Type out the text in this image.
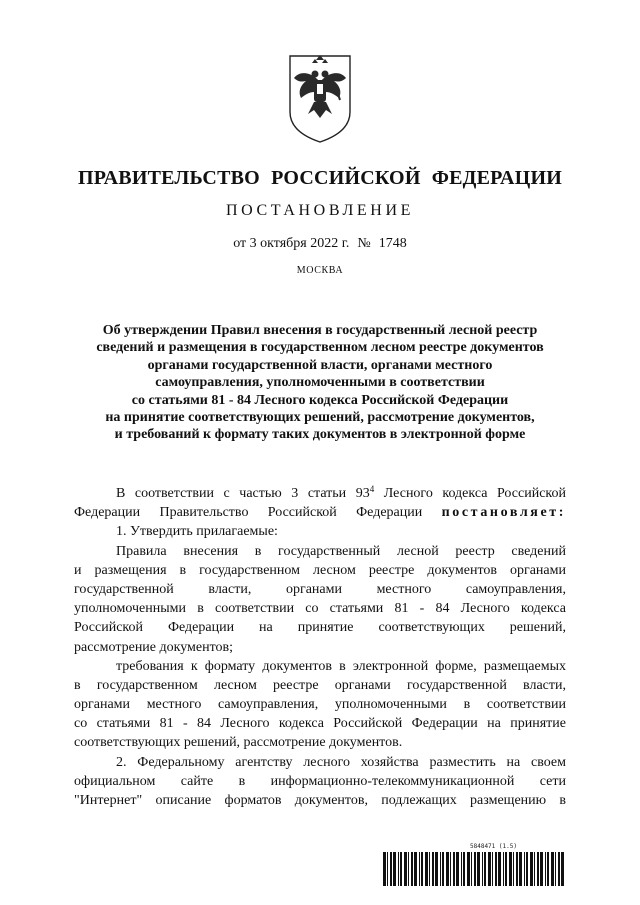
ПРАВИТЕЛЬСТВО РОССИЙСКОЙ ФЕДЕРАЦИИ
ПОСТАНОВЛЕНИЕ
от 3 октября 2022 г. № 1748
МОСКВА
Об утверждении Правил внесения в государственный лесной реестр
сведений и размещения в государственном лесном реестре документов
органами государственной власти, органами местного
самоуправления, уполномоченными в соответствии
со статьями 81 - 84 Лесного кодекса Российской Федерации
на принятие соответствующих решений, рассмотрение документов,
и требований к формату таких документов в электронной форме
В соответствии с частью 3 статьи $93^4$ Лесного кодекса Российской
Федерации Правительство Российской Федерации постановляет:
1. Утвердить прилагаемые:
Правила внесения в государственный лесной реестр сведений
и размещения в государственном лесном реестре документов органами
государственной власти, органами местного самоуправления,
уполномоченными в соответствии со статьями 81 - 84 Лесного кодекса
Российской Федерации на принятие соответствующих решений,
рассмотрение документов;
требования к формату документов в электронной форме, размещаемых
в государственном лесном реестре органами государственной власти,
органами местного самоуправления, уполномоченными в соответствии
со статьями 81 - 84 Лесного кодекса Российской Федерации на принятие
соответствующих решений, рассмотрение документов.
2. Федеральному агентству лесного хозяйства разместить на своем
официальном сайте в информационно-телекоммуникационной сети
"Интернет" описание форматов документов, подлежащих размещению в
5848471 (1.5)
